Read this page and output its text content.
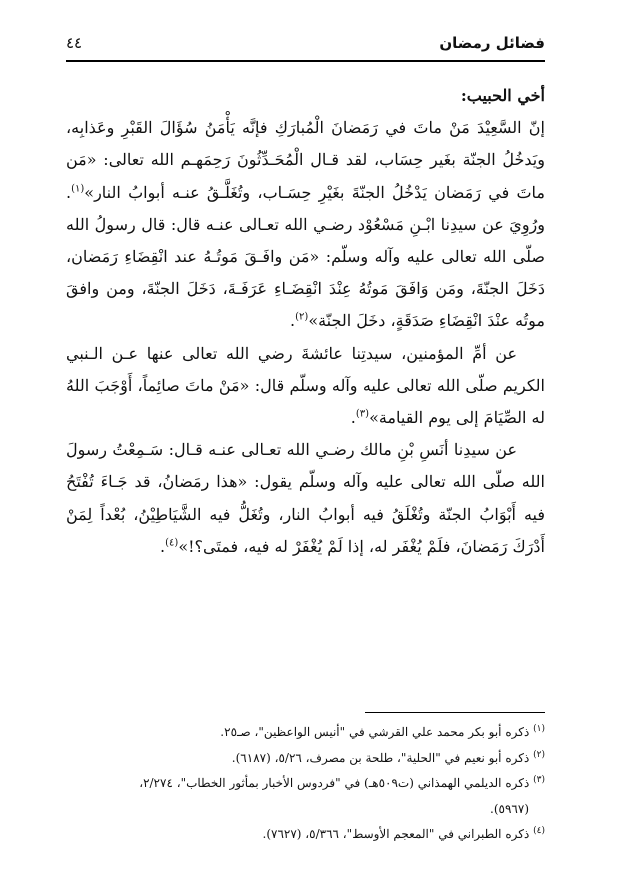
٤٤	فضائل رمضان

أخي الحبيب:

إنّ السَّعِيْدَ مَنْ ماتَ في رَمَضانَ الْمُبارَكِ فإنَّه يَأْمَنُ سُؤَالَ القَبْرِ وعَذابِه، ويَدخُلُ الجنّة بغَير حِسَاب، لقد قـال الْمُحَـدِّثُونَ رَحِمَهـم الله تعالى: «مَن ماتَ في رَمَضان يَدْخُلُ الجنّةَ بغَيْرِ حِسَـاب، وتُغَلَّـقُ عنـه أبوابُ النار»$^{(١)}$. ورُوِيَ عن سيدِنا ابْـنِ مَسْعُوْد رضـي الله تعـالى عنـه قال: قال رسولُ الله صلّى الله تعالى عليه وآله وسلّم: «مَن وافَـقَ مَوتُـهُ عند انْقِضَاءِ رَمَضان، دَخَلَ الجنّةَ، ومَن وَافَقَ مَوتُهُ عِنْدَ انْقِضَـاءِ عَرَفَـةَ، دَخَلَ الجنّةَ، ومن وافقَ موتُه عنْدَ انْقِضَاءِ صَدَقَةٍ، دخَلَ الجنّة»$^{(٢)}$.

عن أمِّ المؤمنين، سيدتِنا عائشةَ رضي الله تعالى عنها عـن الـنبي الكريم صلّى الله تعالى عليه وآله وسلّم قال: «مَنْ ماتَ صائِماً، أَوْجَبَ اللهُ له الصِّيَامَ إلى يوم القيامة»$^{(٣)}$.

عن سيدِنا أنَسِ بْنِ مالك رضـي الله تعـالى عنـه قـال: سَـمِعْتُ رسولَ الله صلّى الله تعالى عليه وآله وسلّم يقول: «هذا رمَضانُ، قد جَـاءَ تُفْتَحُ فيه أَبْوَابُ الجنّة وتُغْلَقُ فيه أبوابُ النار، وتُغَلُّ فيه الشَّيَاطِيْنُ، بُعْداً لِمَنْ أَدْرَكَ رَمَضانَ، فلَمْ يُغْفَر له، إذا لَمْ يُغْفَرْ له فيه، فمتَى؟!»$^{(٤)}$.

$^{(١)}$ ذكره أبو بكر محمد علي القرشي في "أنيس الواعظين"، صـ٢٥.

$^{(٢)}$ ذكره أبو نعيم في "الحلية"، طلحة بن مصرف، ٥/٢٦، (٦١٨٧).

$^{(٣)}$ ذكره الديلمي الهمذاني (ت٥٠٩هـ) في "فردوس الأخبار بمأثور الخطاب"، ٢/٢٧٤،

(٥٩٦٧).

$^{(٤)}$ ذكره الطبراني في "المعجم الأوسط"، ٥/٣٦٦، (٧٦٢٧).
